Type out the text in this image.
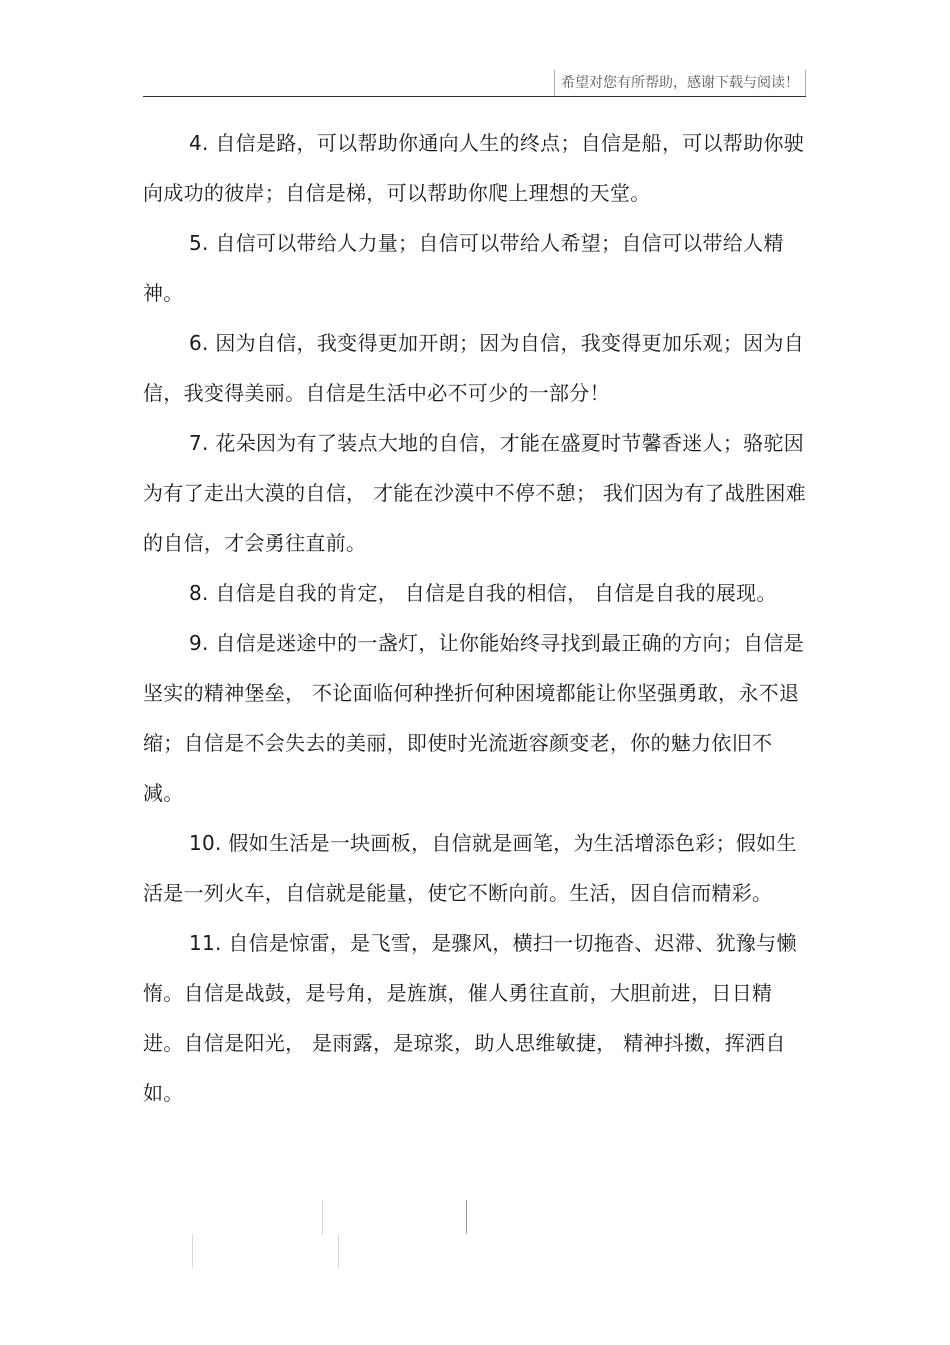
希望对您有所帮助，感谢下载与阅读！

4. 自信是路，可以帮助你通向人生的终点；自信是船，可以帮助你驶向成功的彼岸；自信是梯，可以帮助你爬上理想的天堂。

5. 自信可以带给人力量；自信可以带给人希望；自信可以带给人精神。

6. 因为自信，我变得更加开朗；因为自信，我变得更加乐观；因为自信，我变得美丽。自信是生活中必不可少的一部分！

7. 花朵因为有了装点大地的自信，才能在盛夏时节馨香迷人；骆驼因为有了走出大漠的自信， 才能在沙漠中不停不憩； 我们因为有了战胜困难的自信，才会勇往直前。

8. 自信是自我的肯定， 自信是自我的相信， 自信是自我的展现。

9. 自信是迷途中的一盏灯，让你能始终寻找到最正确的方向；自信是坚实的精神堡垒， 不论面临何种挫折何种困境都能让你坚强勇敢，永不退缩；自信是不会失去的美丽，即使时光流逝容颜变老，你的魅力依旧不减。

10. 假如生活是一块画板，自信就是画笔，为生活增添色彩；假如生活是一列火车，自信就是能量，使它不断向前。生活，因自信而精彩。

11. 自信是惊雷，是飞雪，是骤风，横扫一切拖沓、迟滞、犹豫与懒惰。自信是战鼓，是号角，是旌旗，催人勇往直前，大胆前进，日日精进。自信是阳光， 是雨露，是琼浆，助人思维敏捷， 精神抖擞，挥洒自如。
